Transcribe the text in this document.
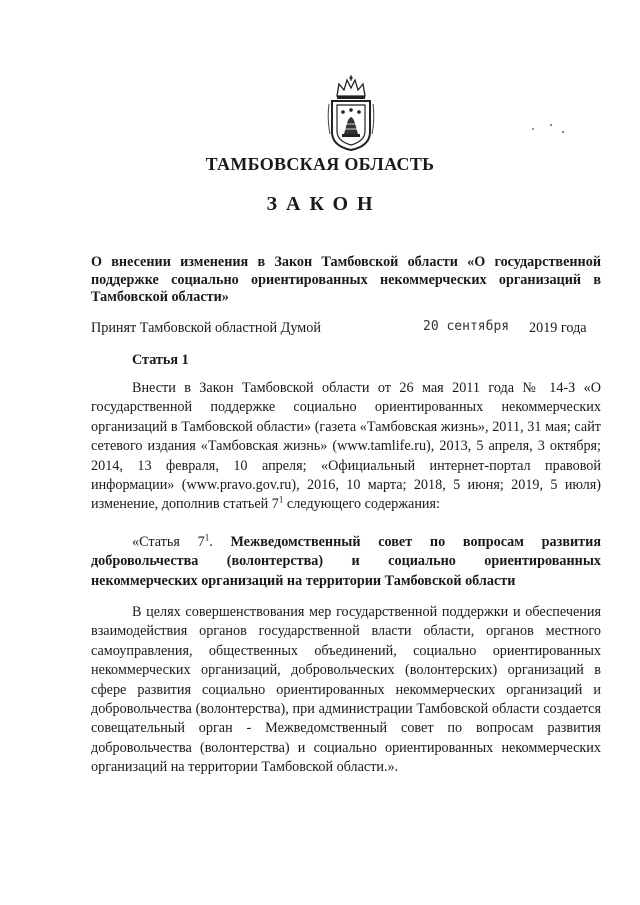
ТАМБОВСКАЯ ОБЛАСТЬ
ЗАКОН
О внесении изменения в Закон Тамбовской области «О государственной поддержке социально ориентированных некоммерческих организаций в Тамбовской области»
Принят Тамбовской областной Думой	20 сентября 2019 года
Статья 1
Внести в Закон Тамбовской области от 26 мая 2011 года № 14-З «О государственной поддержке социально ориентированных некоммерческих организаций в Тамбовской области» (газета «Тамбовская жизнь», 2011, 31 мая; сайт сетевого издания «Тамбовская жизнь» (www.tamlife.ru), 2013, 5 апреля, 3 октября; 2014, 13 февраля, 10 апреля; «Официальный интернет-портал правовой информации» (www.pravo.gov.ru), 2016, 10 марта; 2018, 5 июня; 2019, 5 июля) изменение, дополнив статьей $7^1$ следующего содержания:
«Статья $7^1$. Межведомственный совет по вопросам развития добровольчества (волонтерства) и социально ориентированных некоммерческих организаций на территории Тамбовской области
В целях совершенствования мер государственной поддержки и обеспечения взаимодействия органов государственной власти области, органов местного самоуправления, общественных объединений, социально ориентированных некоммерческих организаций, добровольческих (волонтерских) организаций в сфере развития социально ориентированных некоммерческих организаций и добровольчества (волонтерства), при администрации Тамбовской области создается совещательный орган - Межведомственный совет по вопросам развития добровольчества (волонтерства) и социально ориентированных некоммерческих организаций на территории Тамбовской области.».
